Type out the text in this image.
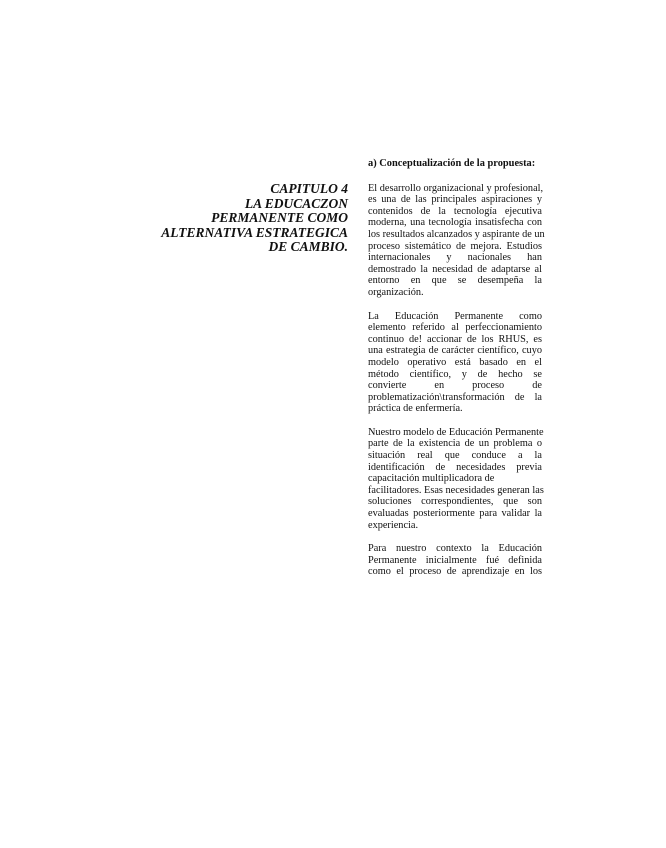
CAPITULO 4
LA EDUCACZON
PERMANENTE COMO
ALTERNATIVA ESTRATEGICA
DE CAMBIO.
a) Conceptualización de la propuesta:
El desarrollo organizacional y profesional,
es una de las principales aspiraciones y
contenidos de la tecnología ejecutiva
moderna, una tecnología insatisfecha con
los resultados alcanzados y aspirante de un
proceso sistemático de mejora. Estudios
internacionales y nacionales han
demostrado la necesidad de adaptarse al
entorno en que se desempeña la
organización.
La Educación Permanente como
elemento referido al perfeccionamiento
continuo de! accionar de los RHUS, es
una estrategia de carácter científico, cuyo
modelo operativo está basado en el
método científico, y de hecho se
convierte en proceso de
problematización\transformación de la
práctica de enfermería.
Nuestro modelo de Educación Permanente
parte de la existencia de un problema o
situación real que conduce a la
identificación de necesidades previa
capacitación multiplicadora de
facilitadores. Esas necesidades generan las
soluciones correspondientes, que son
evaluadas posteriormente para validar la
experiencia.
Para nuestro contexto la Educación
Permanente inicialmente fué definida
como el proceso de aprendizaje en los
